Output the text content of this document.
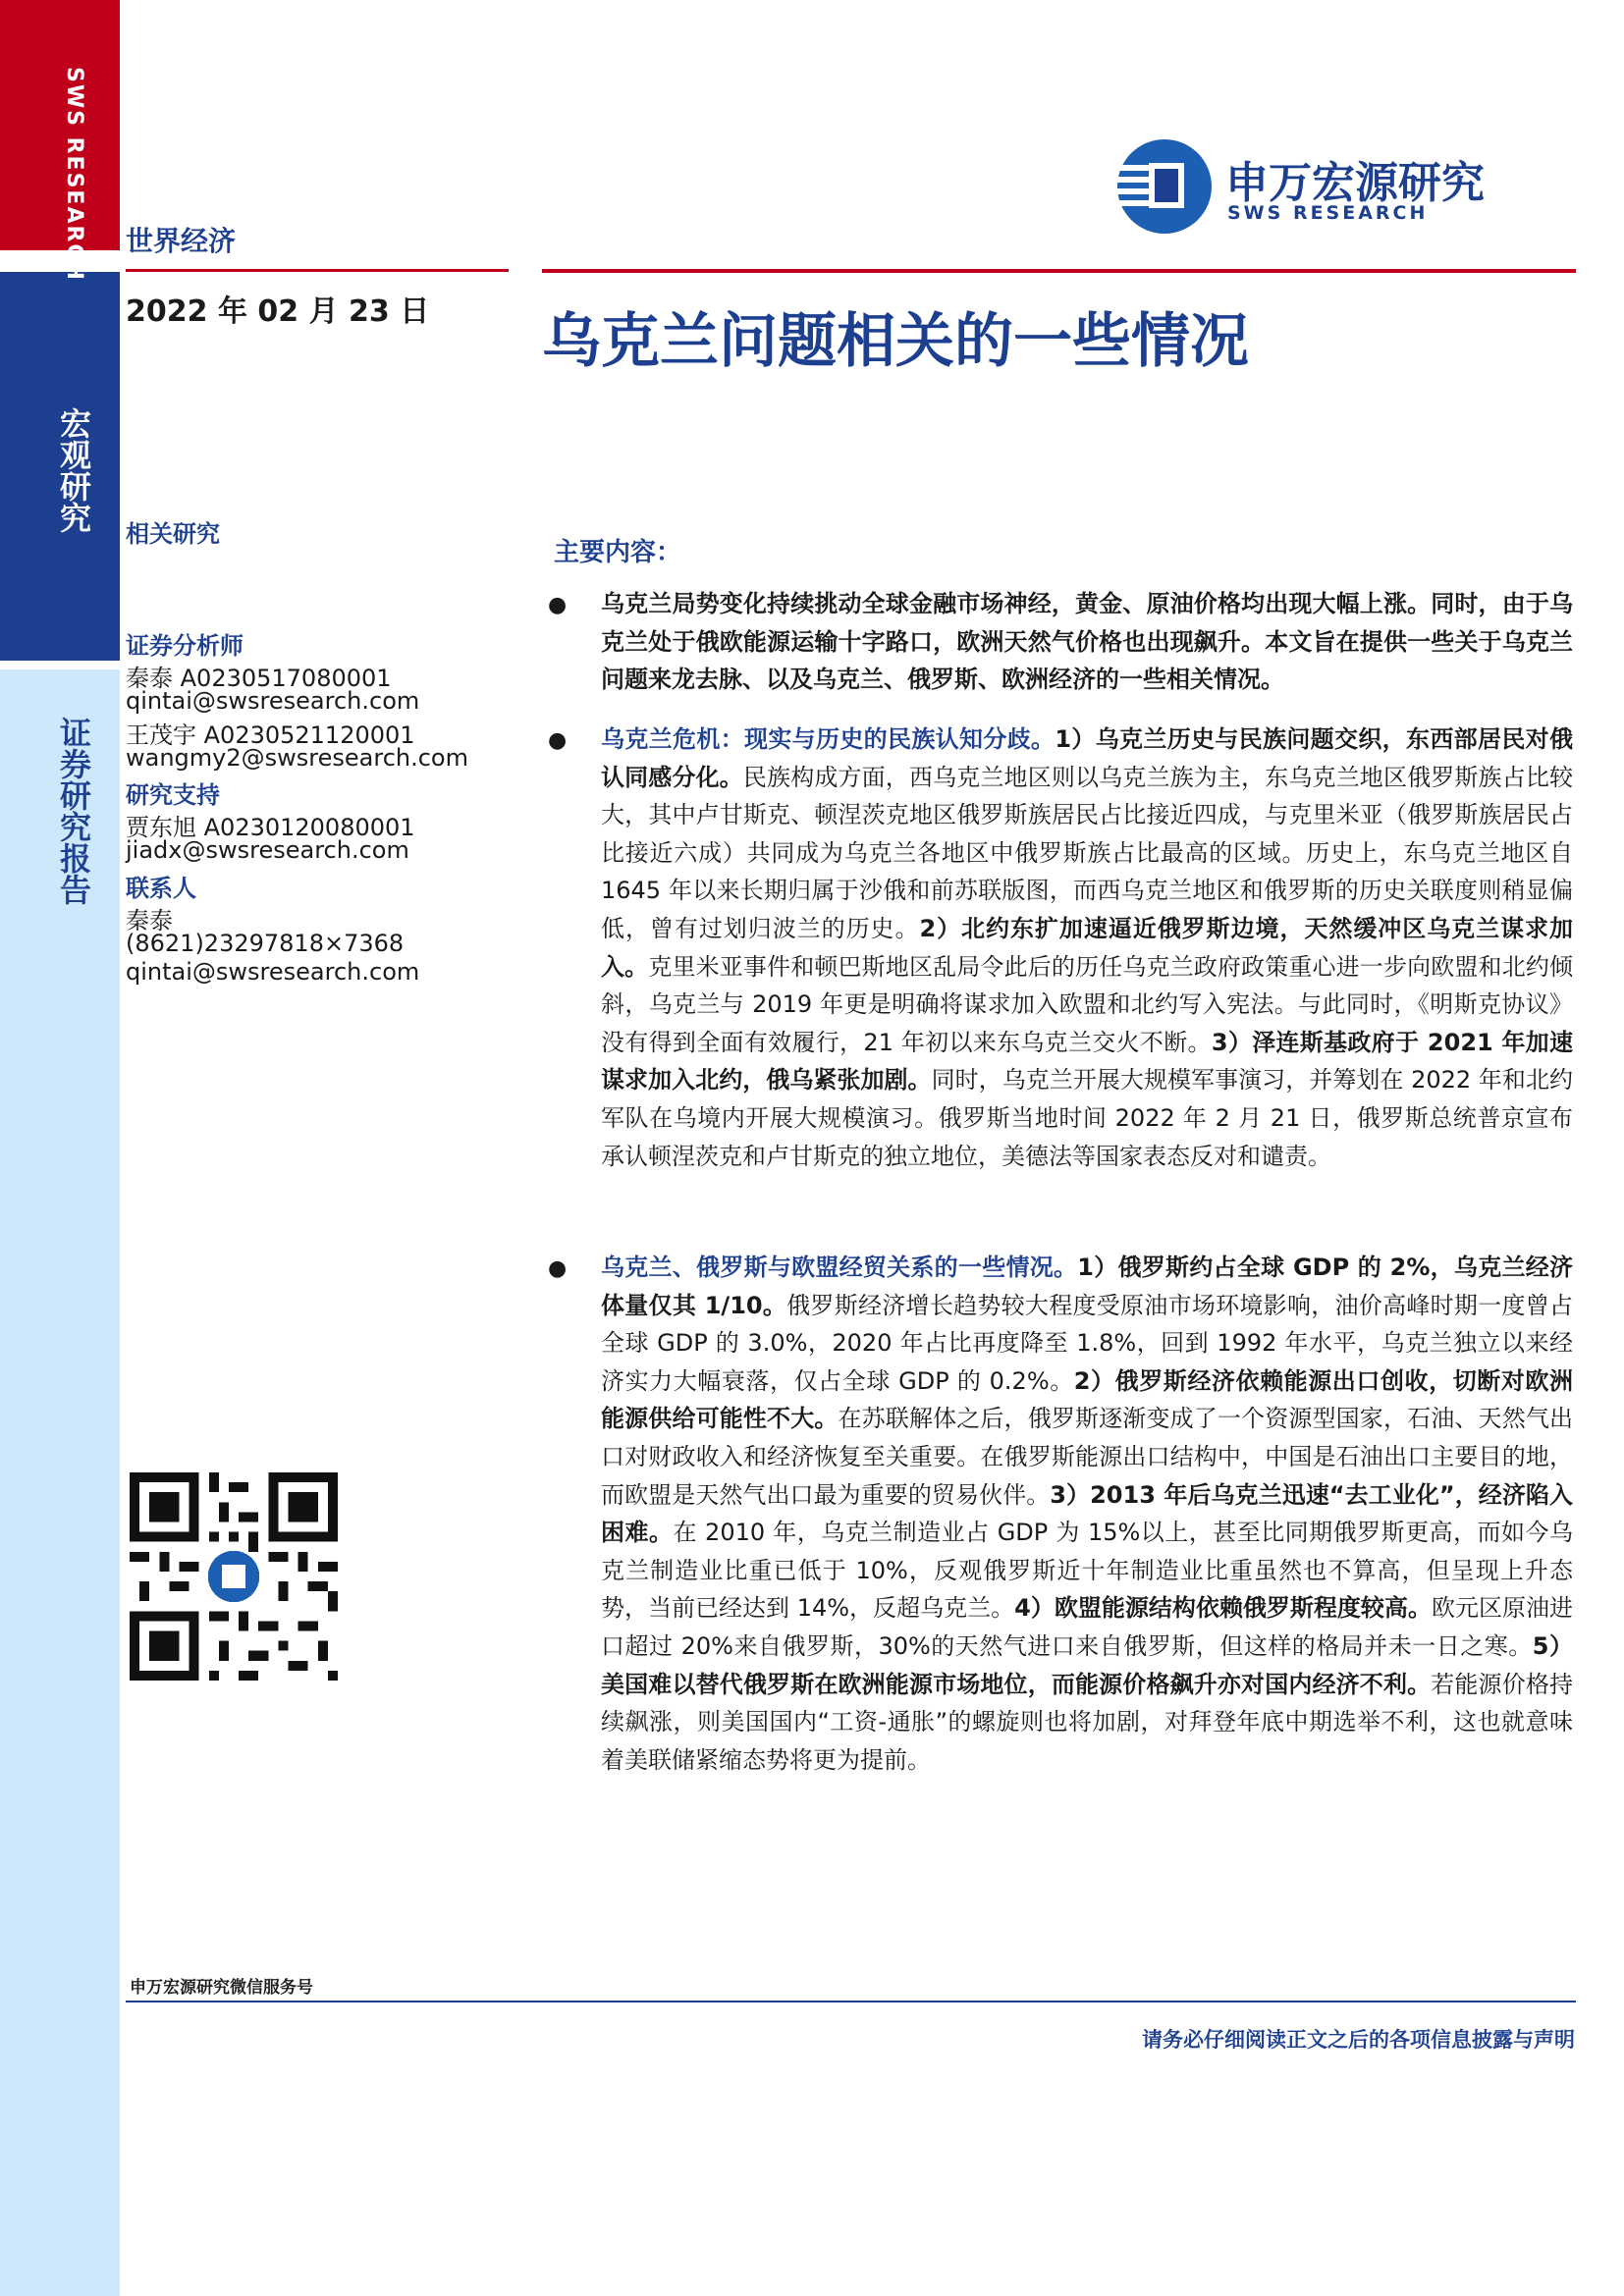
SWS RESEARCH
宏观研究
证券研究报告
申万宏源研究
SWS RESEARCH
世界经济
2022 年 02 月 23 日 乌克兰问题相关的一些情况
相关研究
证券分析师
秦泰 A0230517080001
qintai@swsresearch.com
王茂宇 A0230521120001
wangmy2@swsresearch.com
研究支持
贾东旭 A0230120080001
jiadx@swsresearch.com
联系人
秦泰
(8621)23297818×7368
qintai@swsresearch.com
主要内容：
● 乌克兰局势变化持续挑动全球金融市场神经，黄金、原油价格均出现大幅上涨。同时，由于乌克兰处于俄欧能源运输十字路口，欧洲天然气价格也出现飙升。本文旨在提供一些关于乌克兰问题来龙去脉、以及乌克兰、俄罗斯、欧洲经济的一些相关情况。
● 乌克兰危机：现实与历史的民族认知分歧。1）乌克兰历史与民族问题交织，东西部居民对俄认同感分化。民族构成方面，西乌克兰地区则以乌克兰族为主，东乌克兰地区俄罗斯族占比较大，其中卢甘斯克、顿涅茨克地区俄罗斯族居民占比接近四成，与克里米亚（俄罗斯族居民占比接近六成）共同成为乌克兰各地区中俄罗斯族占比最高的区域。历史上，东乌克兰地区自 1645 年以来长期归属于沙俄和前苏联版图，而西乌克兰地区和俄罗斯的历史关联度则稍显偏低，曾有过划归波兰的历史。2）北约东扩加速逼近俄罗斯边境，天然缓冲区乌克兰谋求加入。克里米亚事件和顿巴斯地区乱局令此后的历任乌克兰政府政策重心进一步向欧盟和北约倾斜，乌克兰与 2019 年更是明确将谋求加入欧盟和北约写入宪法。与此同时，《明斯克协议》没有得到全面有效履行，21 年初以来东乌克兰交火不断。3）泽连斯基政府于 2021 年加速谋求加入北约，俄乌紧张加剧。同时，乌克兰开展大规模军事演习，并筹划在 2022 年和北约军队在乌境内开展大规模演习。俄罗斯当地时间 2022 年 2 月 21 日，俄罗斯总统普京宣布承认顿涅茨克和卢甘斯克的独立地位，美德法等国家表态反对和谴责。
● 乌克兰、俄罗斯与欧盟经贸关系的一些情况。1）俄罗斯约占全球 GDP 的 2%，乌克兰经济体量仅其 1/10。俄罗斯经济增长趋势较大程度受原油市场环境影响，油价高峰时期一度曾占全球 GDP 的 3.0%，2020 年占比再度降至 1.8%，回到 1992 年水平，乌克兰独立以来经济实力大幅衰落，仅占全球 GDP 的 0.2%。2）俄罗斯经济依赖能源出口创收，切断对欧洲能源供给可能性不大。在苏联解体之后，俄罗斯逐渐变成了一个资源型国家，石油、天然气出口对财政收入和经济恢复至关重要。在俄罗斯能源出口结构中，中国是石油出口主要目的地，而欧盟是天然气出口最为重要的贸易伙伴。3）2013 年后乌克兰迅速“去工业化”，经济陷入困难。在 2010 年，乌克兰制造业占 GDP 为 15%以上，甚至比同期俄罗斯更高，而如今乌克兰制造业比重已低于 10%，反观俄罗斯近十年制造业比重虽然也不算高，但呈现上升态势，当前已经达到 14%，反超乌克兰。4）欧盟能源结构依赖俄罗斯程度较高。欧元区原油进口超过 20%来自俄罗斯，30%的天然气进口来自俄罗斯，但这样的格局并未一日之寒。5）美国难以替代俄罗斯在欧洲能源市场地位，而能源价格飙升亦对国内经济不利。若能源价格持续飙涨，则美国国内“工资-通胀”的螺旋则也将加剧，对拜登年底中期选举不利，这也就意味着美联储紧缩态势将更为提前。
申万宏源研究微信服务号
请务必仔细阅读正文之后的各项信息披露与声明
